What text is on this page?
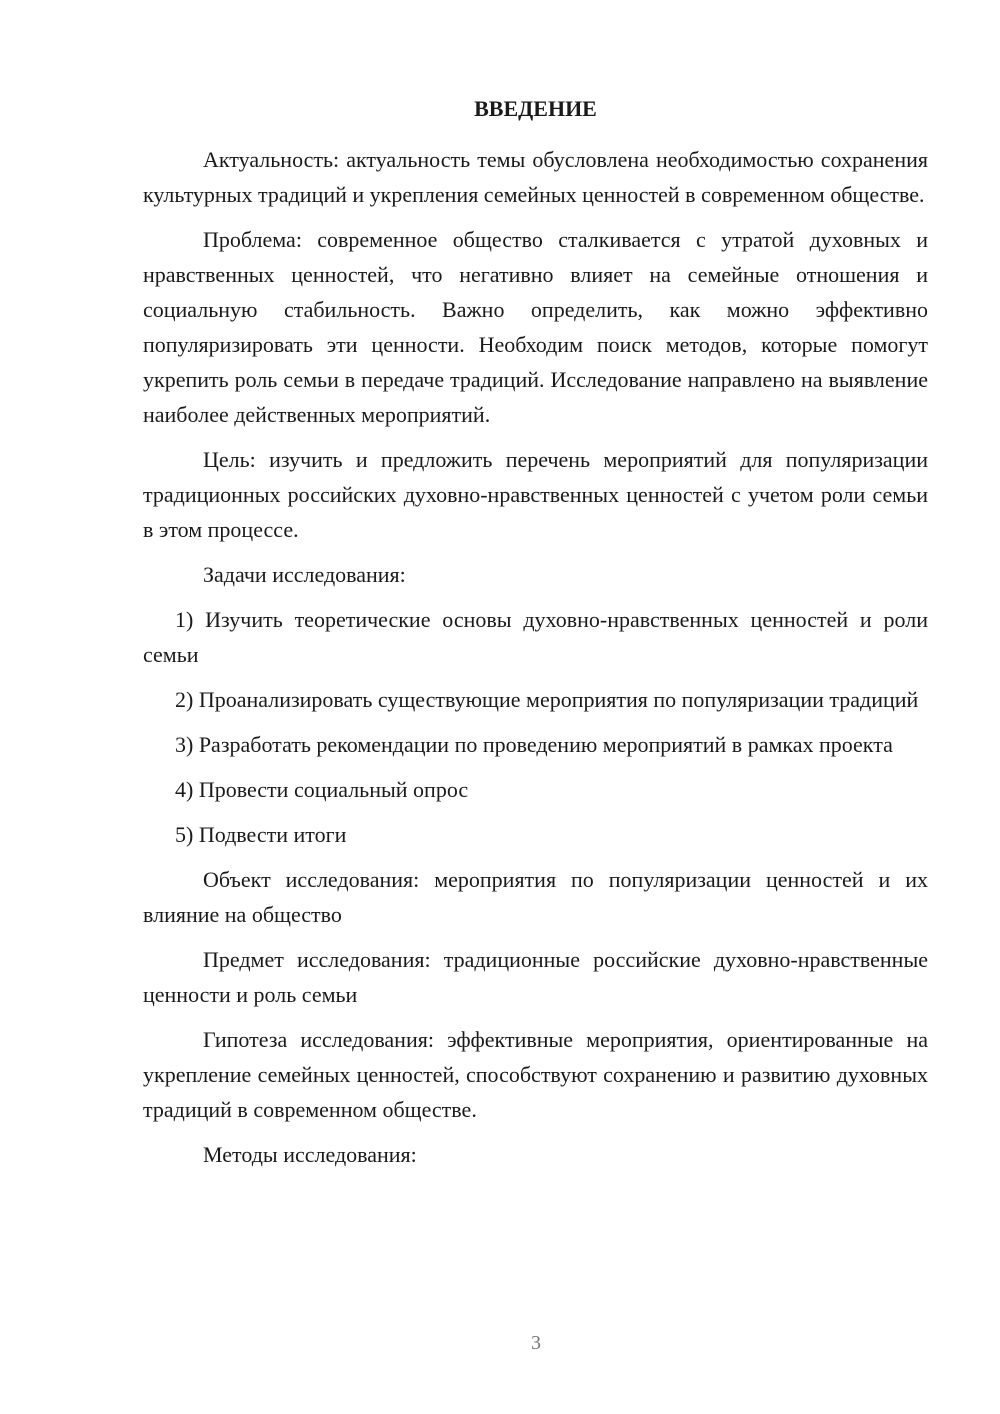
ВВЕДЕНИЕ

Актуальность: актуальность темы обусловлена необходимостью сохранения культурных традиций и укрепления семейных ценностей в современном обществе.

Проблема: современное общество сталкивается с утратой духовных и нравственных ценностей, что негативно влияет на семейные отношения и социальную стабильность. Важно определить, как можно эффективно популяризировать эти ценности. Необходим поиск методов, которые помогут укрепить роль семьи в передаче традиций. Исследование направлено на выявление наиболее действенных мероприятий.

Цель: изучить и предложить перечень мероприятий для популяризации традиционных российских духовно-нравственных ценностей с учетом роли семьи в этом процессе.

Задачи исследования:

1) Изучить теоретические основы духовно-нравственных ценностей и роли семьи

2) Проанализировать существующие мероприятия по популяризации традиций

3) Разработать рекомендации по проведению мероприятий в рамках проекта

4) Провести социальный опрос

5) Подвести итоги

Объект исследования: мероприятия по популяризации ценностей и их влияние на общество

Предмет исследования: традиционные российские духовно-нравственные ценности и роль семьи

Гипотеза исследования: эффективные мероприятия, ориентированные на укрепление семейных ценностей, способствуют сохранению и развитию духовных традиций в современном обществе.

Методы исследования:

3
